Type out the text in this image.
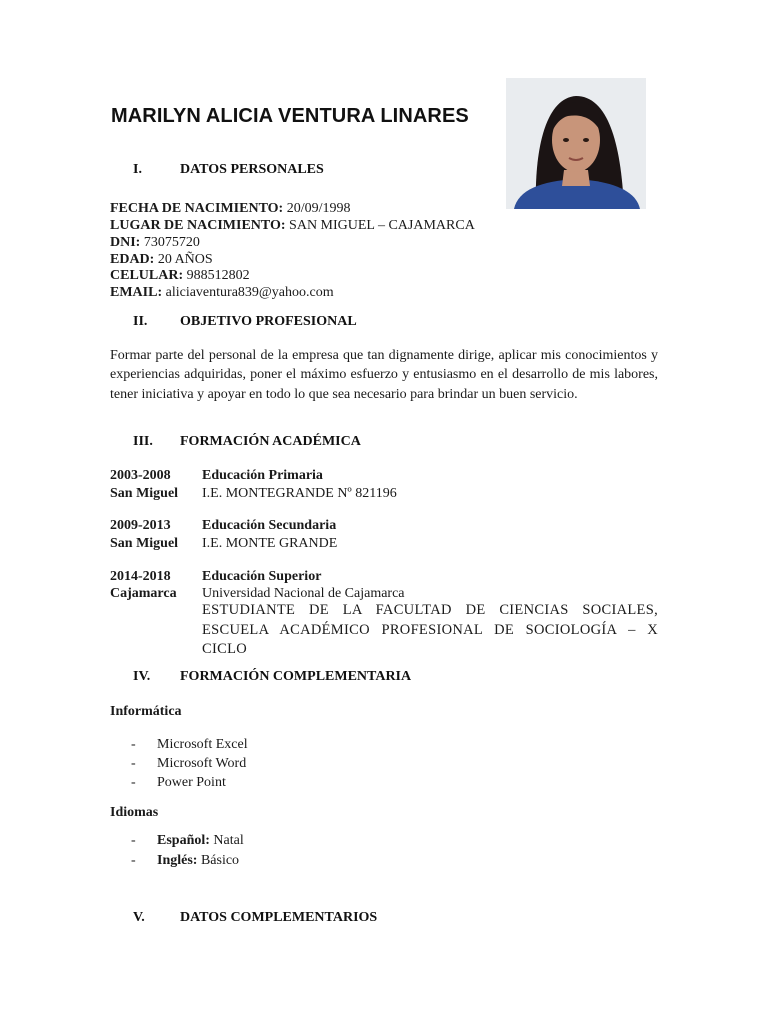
MARILYN ALICIA VENTURA LINARES
I.	DATOS PERSONALES
FECHA DE NACIMIENTO: 20/09/1998
LUGAR DE NACIMIENTO: SAN MIGUEL – CAJAMARCA
DNI: 73075720
EDAD: 20 AÑOS
CELULAR: 988512802
EMAIL: aliciaventura839@yahoo.com
II. OBJETIVO PROFESIONAL
Formar parte del personal de la empresa que tan dignamente dirige, aplicar mis conocimientos y experiencias adquiridas, poner el máximo esfuerzo y entusiasmo en el desarrollo de mis labores, tener iniciativa y apoyar en todo lo que sea necesario para brindar un buen servicio.
III. FORMACIÓN ACADÉMICA
2003-2008 Educación Primaria
San Miguel I.E. MONTEGRANDE Nº 821196
2009-2013 Educación Secundaria
San Miguel I.E. MONTE GRANDE
2014-2018 Educación Superior
Cajamarca Universidad Nacional de Cajamarca
ESTUDIANTE DE LA FACULTAD DE CIENCIAS SOCIALES, ESCUELA ACADÉMICO PROFESIONAL DE SOCIOLOGÍA – X CICLO
IV. FORMACIÓN COMPLEMENTARIA
Informática
- Microsoft Excel
- Microsoft Word
- Power Point
Idiomas
- Español: Natal
- Inglés: Básico
V.	DATOS COMPLEMENTARIOS
